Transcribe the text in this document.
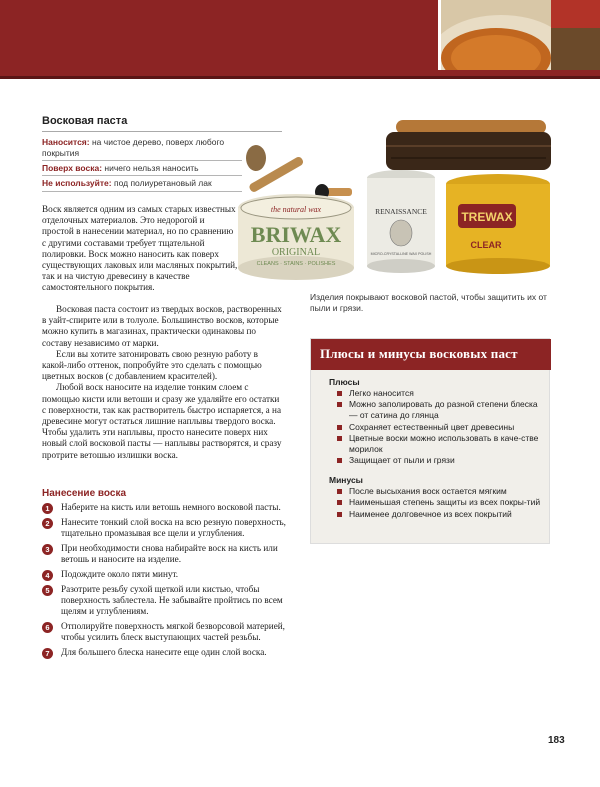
Восковая паста
Наносится: на чистое дерево, поверх любого покрытия
Поверх воска: ничего нельзя наносить
Не используйте: под полиуретановый лак

Воск является одним из самых старых известных отделочных материалов. Это недорогой и простой в нанесении материал, но по сравнению с другими составами требует тщательной полировки. Воск можно наносить как поверх существующих лаковых или масляных покрытий, так и на чистую древесину в качестве самостоятельного покрытия.

Восковая паста состоит из твердых восков, растворенных в уайт-спирите или в толуоле. Большинство восков, которые можно купить в магазинах, практически одинаковы по составу независимо от марки.

Если вы хотите затонировать свою резную работу в какой-либо оттенок, попробуйте это сделать с помощью цветных восков (с добавлением красителей).

Любой воск наносите на изделие тонким слоем с помощью кисти или ветоши и сразу же удаляйте его остатки с поверхности, так как растворитель быстро испаряется, а на древесине могут остаться лишние наплывы твердого воска. Чтобы удалить эти наплывы, просто нанесите поверх них новый слой восковой пасты — наплывы растворятся, и сразу протрите ветошью излишки воска.

Нанесение воска
1	Наберите на кисть или ветошь немного восковой пасты.
2	Нанесите тонкий слой воска на всю резную поверхность, тщательно промазывая все щели и углубления.
3	При необходимости снова набирайте воск на кисть или ветошь и наносите на изделие.
4	Подождите около пяти минут.
5	Разотрите резьбу сухой щеткой или кистью, чтобы поверхность заблестела. Не забывайте пройтись по всем щелям и углублениям.
6	Отполируйте поверхность мягкой безворсовой материей, чтобы усилить блеск выступающих частей резьбы.
7	Для большего блеска нанесите еще один слой воска.
the natural wax
BRIWAX
ORIGINAL
CLEANS · STAINS · POLISHES
RENAISSANCE
MICRO-CRYSTALLINE WAX POLISH
TREWAX
CLEAR
Изделия покрывают восковой пастой, чтобы защитить их от пыли и грязи.
Плюсы и минусы восковых паст
Плюсы
Легко наносится
Можно заполировать до разной степени блеска — от сатина до глянца
Сохраняет естественный цвет древесины
Цветные воски можно использовать в каче-стве морилок
Защищает от пыли и грязи
Минусы
После высыхания воск остается мягким
Наименьшая степень защиты из всех покры-тий
Наименее долговечное из всех покрытий
183
